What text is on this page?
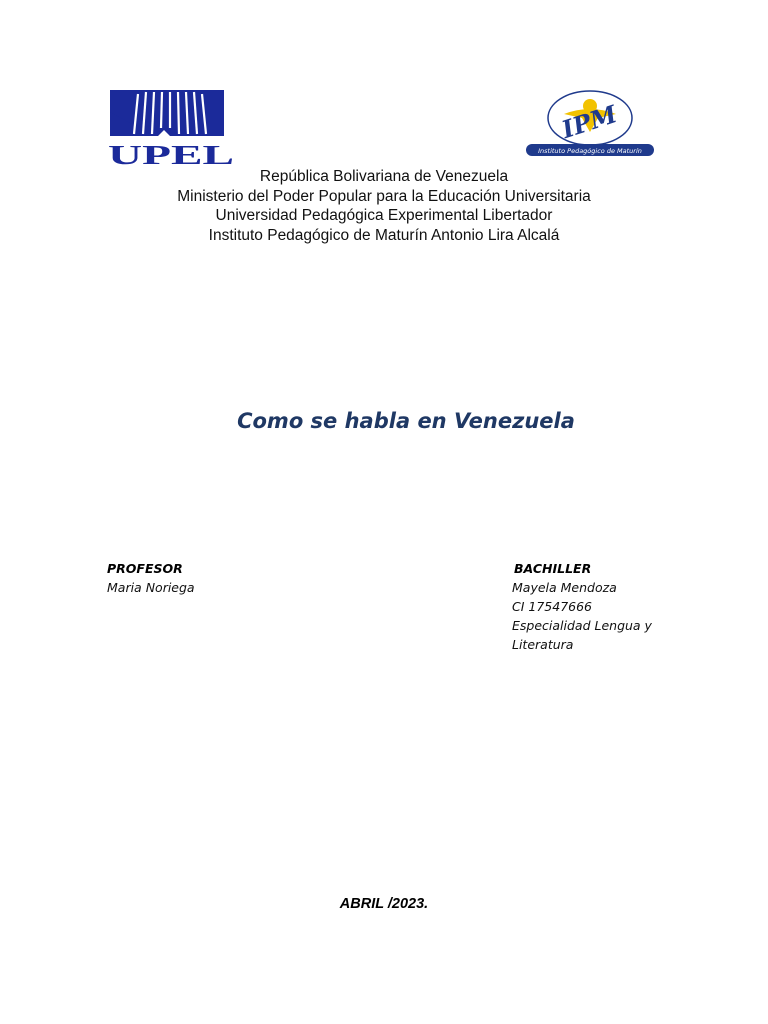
UPEL
IPM
Instituto Pedagógico de Maturín
República Bolivariana de Venezuela
Ministerio del Poder Popular para la Educación Universitaria
Universidad Pedagógica Experimental Libertador
Instituto Pedagógico de Maturín Antonio Lira Alcalá
Como se habla en Venezuela
PROFESOR
Maria Noriega
BACHILLER
Mayela Mendoza
CI 17547666
Especialidad Lengua y
Literatura
ABRIL /2023.
